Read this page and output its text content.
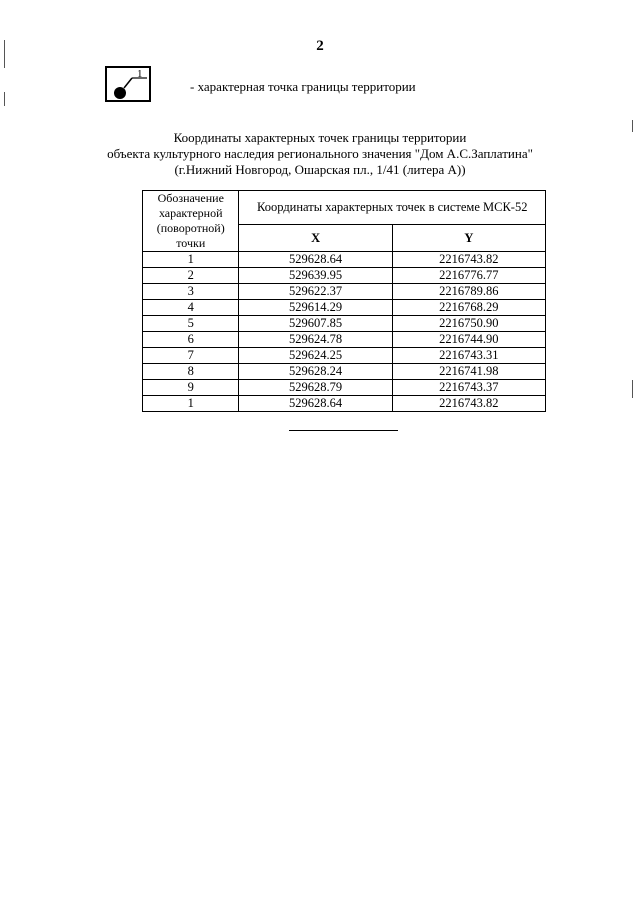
2
1
- характерная точка границы территории
Координаты характерных точек границы территории
объекта культурного наследия регионального значения "Дом А.С.Заплатина"
(г.Нижний Новгород, Ошарская пл., 1/41 (литера А))
Обозначение характерной (поворотной) точки	Координаты характерных точек в системе МСК-52	
	X	Y
1	529628.64	2216743.82
2	529639.95	2216776.77
3	529622.37	2216789.86
4	529614.29	2216768.29
5	529607.85	2216750.90
6	529624.78	2216744.90
7	529624.25	2216743.31
8	529628.24	2216741.98
9	529628.79	2216743.37
1	529628.64	2216743.82
